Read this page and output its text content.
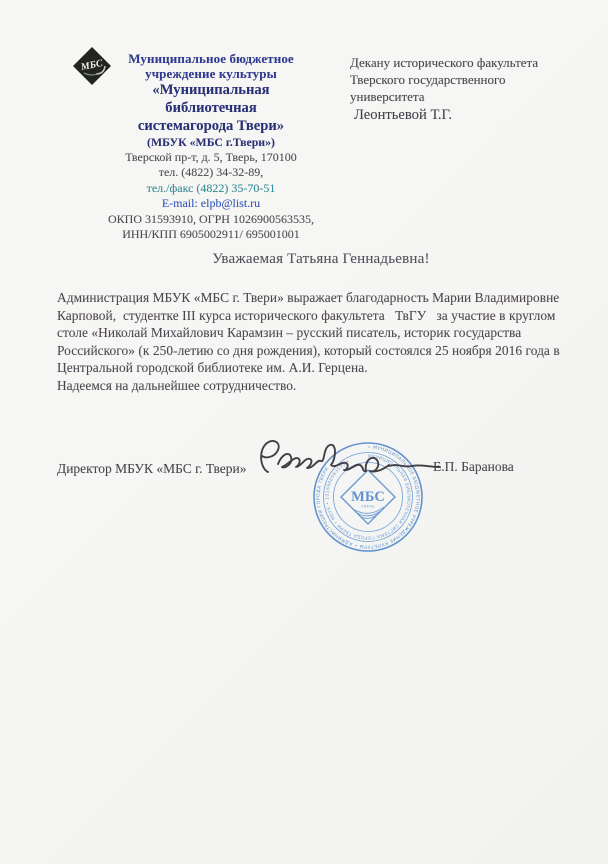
МБС	Муниципальное бюджетное
учреждение культуры
«Муниципальная библиотечная
системагорода Твери»
(МБУК «МБС г.Твери»)
Тверской пр-т, д. 5, Тверь, 170100
тел. (4822) 34-32-89,
тел./факс (4822) 35-70-51
E-mail: elpb@list.ru
ОКПО 31593910, ОГРН 1026900563535,
ИНН/КПП 6905002911/ 695001001
Декану исторического факультета
Тверского государственного
университета
Леонтьевой Т.Г.
Уважаемая Татьяна Геннадьевна!
Администрация МБУК «МБС г. Твери» выражает благодарность Марии Владимировне
Карповой,  студентке III курса исторического факультета   ТвГУ   за участие в круглом
столе «Николай Михайлович Карамзин – русский писатель, историк государства
Российского» (к 250-летию со дня рождения), который состоялся 25 ноября 2016 года в
Центральной городской библиотеке им. А.И. Герцена.
Надеемся на дальнейшее сотрудничество.
Директор МБУК «МБС г. Твери»	Е.П. Баранова
• МУНИЦИПАЛЬНОЕ БЮДЖЕТНОЕ УЧРЕЖДЕНИЕ КУЛЬТУРЫ • АДМИНИСТРАЦИИ ГОРОДА ТВЕРИ
МУНИЦИПАЛЬНАЯ БИБЛИОТЕЧНАЯ СИСТЕМА ГОРОДА ТВЕРИ • МБУК • 1026900563535 •
МБС
ТВЕРЬ
